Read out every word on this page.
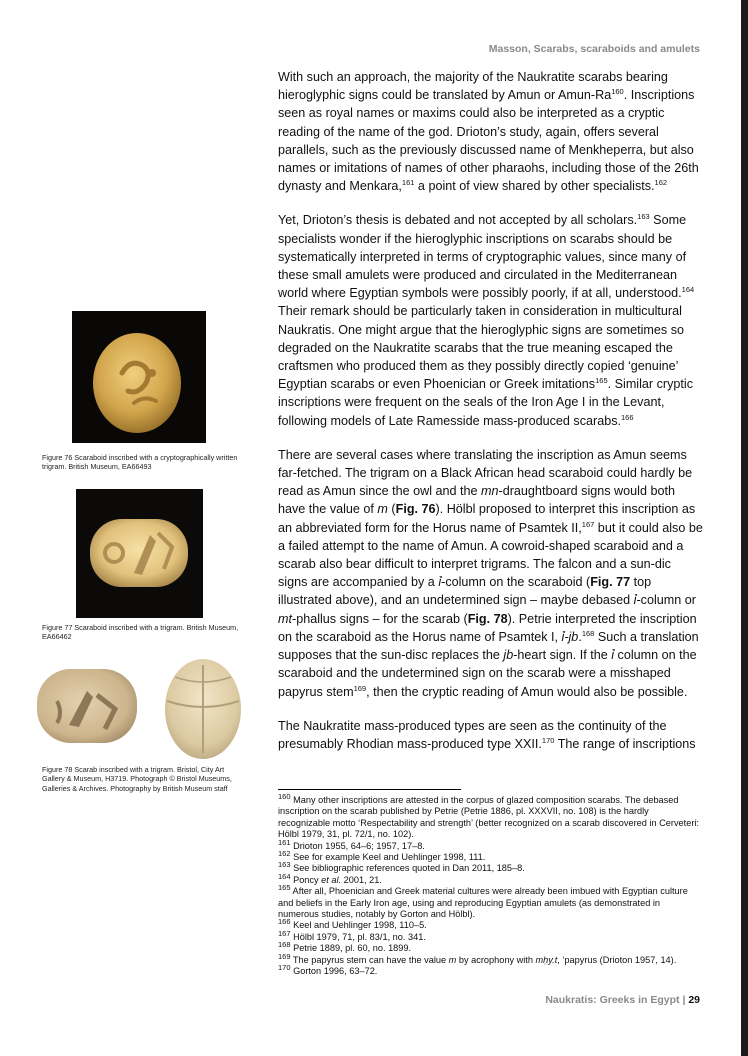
Masson, Scarabs, scaraboids and amulets

With such an approach, the majority of the Naukratite scarabs bearing hieroglyphic signs could be translated by Amun or Amun-Ra$^{160}$. Inscriptions seen as royal names or maxims could also be interpreted as a cryptic reading of the name of the god. Drioton’s study, again, offers several parallels, such as the previously discussed name of Menkheperra, but also names or imitations of names of other pharaohs, including those of the 26th dynasty and Menkara,$^{161}$ a point of view shared by other specialists.$^{162}$

Yet, Drioton’s thesis is debated and not accepted by all scholars.$^{163}$ Some specialists wonder if the hieroglyphic inscriptions on scarabs should be systematically interpreted in terms of cryptographic values, since many of these small amulets were produced and circulated in the Mediterranean world where Egyptian symbols were possibly poorly, if at all, understood.$^{164}$ Their remark should be particularly taken in consideration in multicultural Naukratis. One might argue that the hieroglyphic signs are sometimes so degraded on the Naukratite scarabs that the true meaning escaped the craftsmen who produced them as they possibly directly copied ‘genuine’ Egyptian scarabs or even Phoenician or Greek imitations$^{165}$. Similar cryptic inscriptions were frequent on the seals of the Iron Age I in the Levant, following models of Late Ramesside mass-produced scarabs.$^{166}$

There are several cases where translating the inscription as Amun seems far-fetched. The trigram on a Black African head scaraboid could hardly be read as Amun since the owl and the mn-draughtboard signs would both have the value of m (Fig. 76). Hölbl proposed to interpret this inscription as an abbreviated form for the Horus name of Psamtek II,$^{167}$ but it could also be a failed attempt to the name of Amun. A cowroid-shaped scaraboid and a scarab also bear difficult to interpret trigrams. The falcon and a sun-dic signs are accompanied by a ỉ-column on the scaraboid (Fig. 77 top illustrated above), and an undetermined sign – maybe debased ỉ-column or mt-phallus signs – for the scarab (Fig. 78). Petrie interpreted the inscription on the scaraboid as the Horus name of Psamtek I, ỉ-jb.$^{168}$ Such a translation supposes that the sun-disc replaces the jb-heart sign. If the ỉ column on the scaraboid and the undetermined sign on the scarab were a misshaped papyrus stem$^{169}$, then the cryptic reading of Amun would also be possible.

The Naukratite mass-produced types are seen as the continuity of the presumably Rhodian mass-produced type XXII.$^{170}$ The range of inscriptions

Figure 76 Scaraboid inscribed with a cryptographically written trigram. British Museum, EA66493
Figure 77 Scaraboid inscribed with a trigram. British Museum, EA66462
Figure 78 Scarab inscribed with a trigram. Bristol, City Art Gallery & Museum, H3719. Photograph © Bristol Museums, Galleries & Archives. Photography by British Museum staff

$^{160}$ Many other inscriptions are attested in the corpus of glazed composition scarabs. The debased inscription on the scarab published by Petrie (Petrie 1886, pl. XXXVII, no. 108) is the hardly recognizable motto ‘Respectability and strength’ (better recognized on a scarab discovered in Cerveteri: Hölbl 1979, 31, pl. 72/1, no. 102).

$^{161}$ Drioton 1955, 64–6; 1957, 17–8.

$^{162}$ See for example Keel and Uehlinger 1998, 111.

$^{163}$ See bibliographic references quoted in Dan 2011, 185–8.

$^{164}$ Poncy et al. 2001, 21.

$^{165}$ After all, Phoenician and Greek material cultures were already been imbued with Egyptian culture and beliefs in the Early Iron age, using and reproducing Egyptian amulets (as demonstrated in numerous studies, notably by Gorton and Hölbl).

$^{166}$ Keel and Uehlinger 1998, 110–5.

$^{167}$ Hölbl 1979, 71, pl. 83/1, no. 341.

$^{168}$ Petrie 1889, pl. 60, no. 1899.

$^{169}$ The papyrus stem can have the value m by acrophony with mḥy.t, ‘papyrus (Drioton 1957, 14).

$^{170}$ Gorton 1996, 63–72.

Naukratis: Greeks in Egypt | 29
